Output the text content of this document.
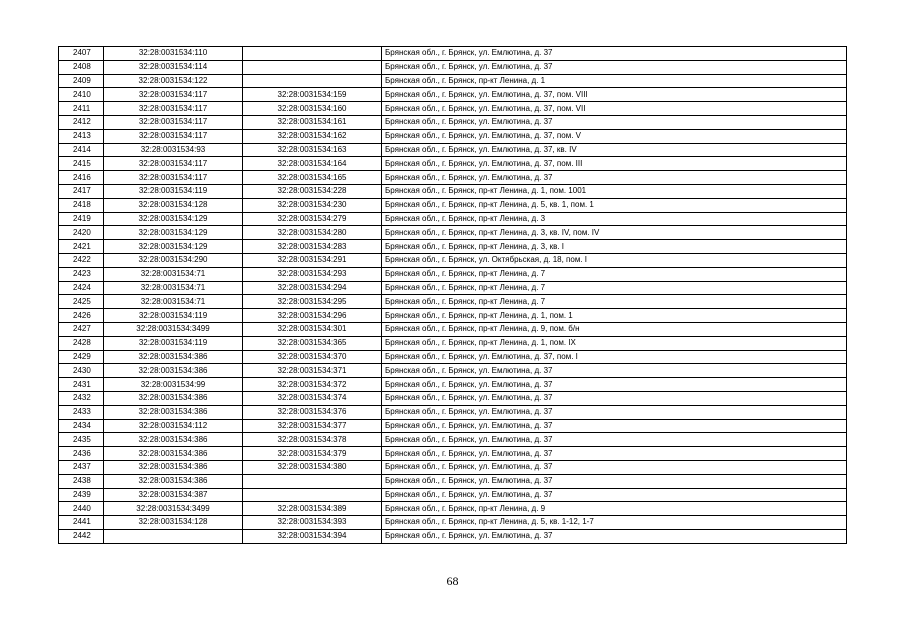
2407	32:28:0031534:110		Брянская обл., г. Брянск, ул. Емлютина, д. 37
2408	32:28:0031534:114		Брянская обл., г. Брянск, ул. Емлютина, д. 37
2409	32:28:0031534:122		Брянская обл., г. Брянск, пр-кт Ленина, д. 1
2410	32:28:0031534:117	32:28:0031534:159	Брянская обл., г. Брянск, ул. Емлютина, д. 37, пом. VIII
2411	32:28:0031534:117	32:28:0031534:160	Брянская обл., г. Брянск, ул. Емлютина, д. 37, пом. VII
2412	32:28:0031534:117	32:28:0031534:161	Брянская обл., г. Брянск, ул. Емлютина, д. 37
2413	32:28:0031534:117	32:28:0031534:162	Брянская обл., г. Брянск, ул. Емлютина, д. 37, пом. V
2414	32:28:0031534:93	32:28:0031534:163	Брянская обл., г. Брянск, ул. Емлютина, д. 37, кв. IV
2415	32:28:0031534:117	32:28:0031534:164	Брянская обл., г. Брянск, ул. Емлютина, д. 37, пом. III
2416	32:28:0031534:117	32:28:0031534:165	Брянская обл., г. Брянск, ул. Емлютина, д. 37
2417	32:28:0031534:119	32:28:0031534:228	Брянская обл., г. Брянск, пр-кт Ленина, д. 1, пом. 1001
2418	32:28:0031534:128	32:28:0031534:230	Брянская обл., г. Брянск, пр-кт Ленина, д. 5, кв. 1, пом. 1
2419	32:28:0031534:129	32:28:0031534:279	Брянская обл., г. Брянск, пр-кт Ленина, д. 3
2420	32:28:0031534:129	32:28:0031534:280	Брянская обл., г. Брянск, пр-кт Ленина, д. 3, кв. IV, пом. IV
2421	32:28:0031534:129	32:28:0031534:283	Брянская обл., г. Брянск, пр-кт Ленина, д. 3, кв. I
2422	32:28:0031534:290	32:28:0031534:291	Брянская обл., г. Брянск, ул. Октябрьская, д. 18, пом. I
2423	32:28:0031534:71	32:28:0031534:293	Брянская обл., г. Брянск, пр-кт Ленина, д. 7
2424	32:28:0031534:71	32:28:0031534:294	Брянская обл., г. Брянск, пр-кт Ленина, д. 7
2425	32:28:0031534:71	32:28:0031534:295	Брянская обл., г. Брянск, пр-кт Ленина, д. 7
2426	32:28:0031534:119	32:28:0031534:296	Брянская обл., г. Брянск, пр-кт Ленина, д. 1, пом. 1
2427	32:28:0031534:3499	32:28:0031534:301	Брянская обл., г. Брянск, пр-кт Ленина, д. 9, пом. б/н
2428	32:28:0031534:119	32:28:0031534:365	Брянская обл., г. Брянск, пр-кт Ленина, д. 1, пом. IX
2429	32:28:0031534:386	32:28:0031534:370	Брянская обл., г. Брянск, ул. Емлютина, д. 37, пом. I
2430	32:28:0031534:386	32:28:0031534:371	Брянская обл., г. Брянск, ул. Емлютина, д. 37
2431	32:28:0031534:99	32:28:0031534:372	Брянская обл., г. Брянск, ул. Емлютина, д. 37
2432	32:28:0031534:386	32:28:0031534:374	Брянская обл., г. Брянск, ул. Емлютина, д. 37
2433	32:28:0031534:386	32:28:0031534:376	Брянская обл., г. Брянск, ул. Емлютина, д. 37
2434	32:28:0031534:112	32:28:0031534:377	Брянская обл., г. Брянск, ул. Емлютина, д. 37
2435	32:28:0031534:386	32:28:0031534:378	Брянская обл., г. Брянск, ул. Емлютина, д. 37
2436	32:28:0031534:386	32:28:0031534:379	Брянская обл., г. Брянск, ул. Емлютина, д. 37
2437	32:28:0031534:386	32:28:0031534:380	Брянская обл., г. Брянск, ул. Емлютина, д. 37
2438	32:28:0031534:386		Брянская обл., г. Брянск, ул. Емлютина, д. 37
2439	32:28:0031534:387		Брянская обл., г. Брянск, ул. Емлютина, д. 37
2440	32:28:0031534:3499	32:28:0031534:389	Брянская обл., г. Брянск, пр-кт Ленина, д. 9
2441	32:28:0031534:128	32:28:0031534:393	Брянская обл., г. Брянск, пр-кт Ленина, д. 5, кв. 1-12, 1-7
2442		32:28:0031534:394	Брянская обл., г. Брянск, ул. Емлютина, д. 37
68
